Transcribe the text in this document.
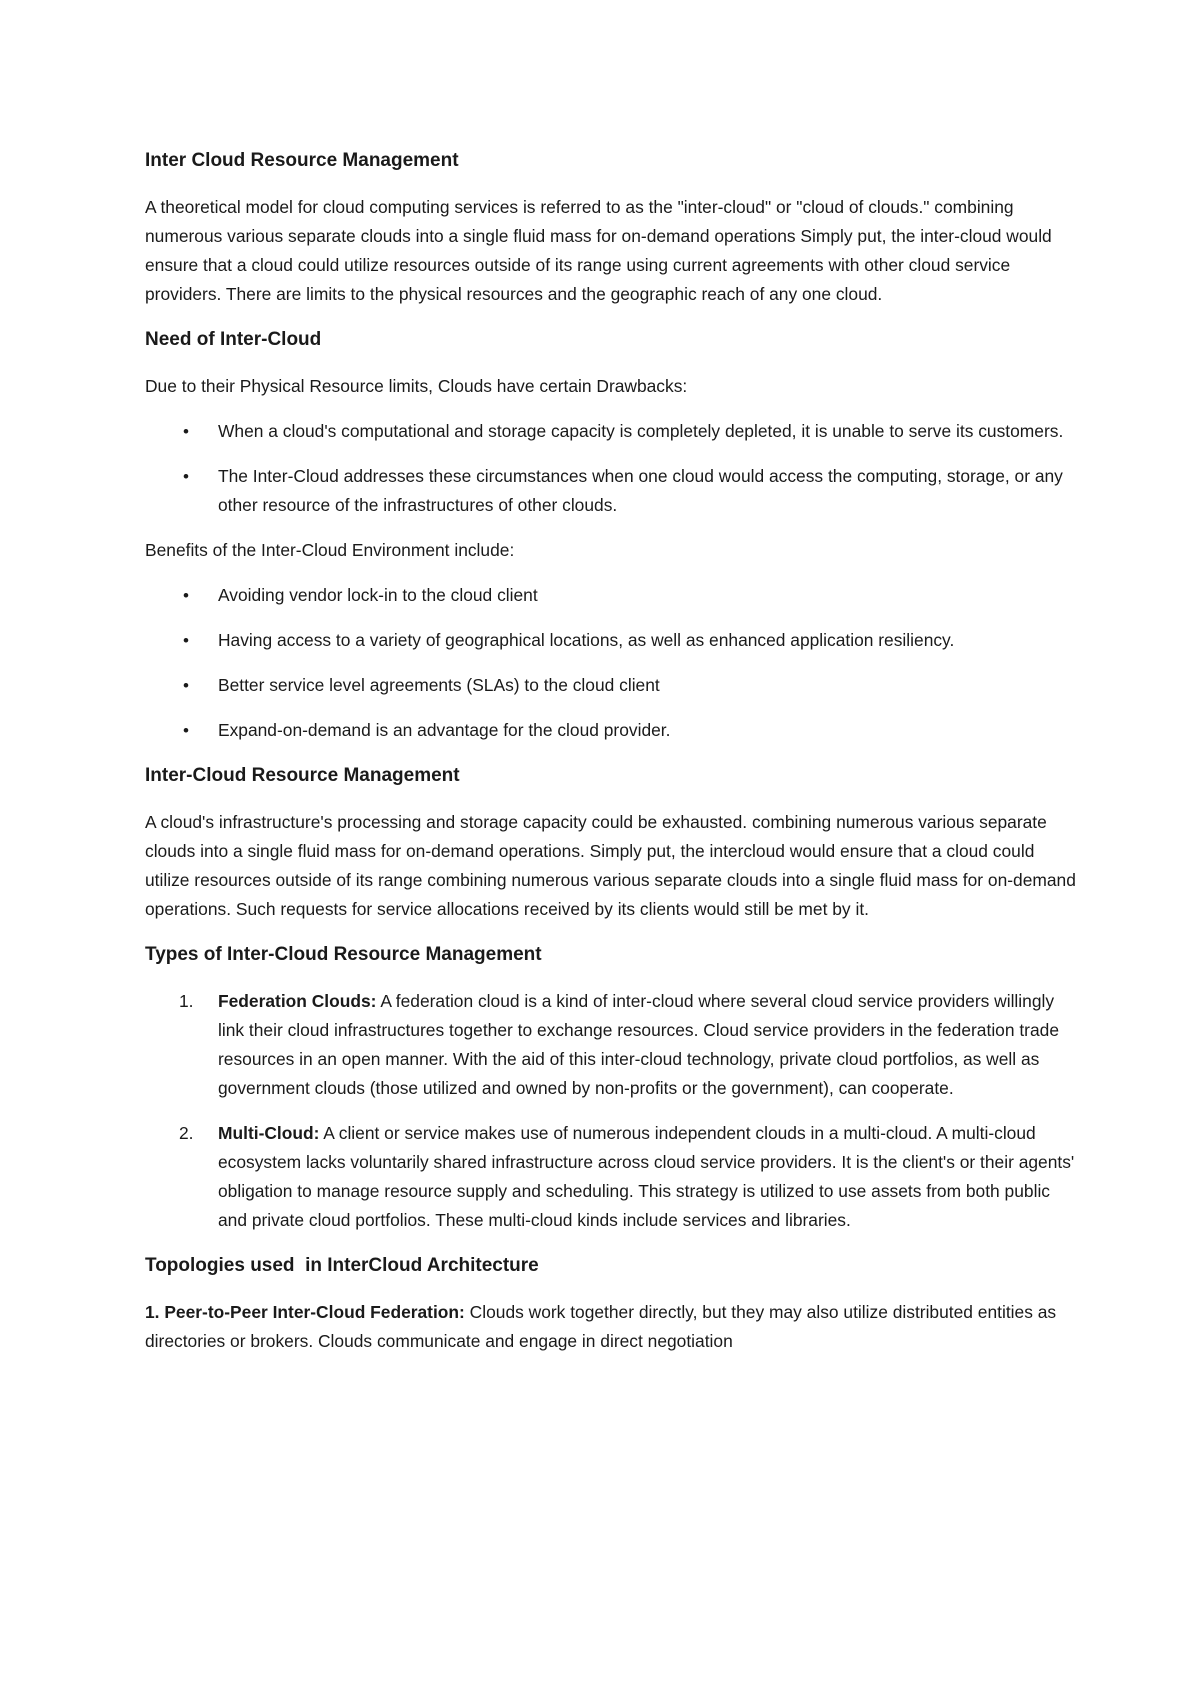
Inter Cloud Resource Management

A theoretical model for cloud computing services is referred to as the "inter-cloud" or "cloud of clouds." combining numerous various separate clouds into a single fluid mass for on-demand operations Simply put, the inter-cloud would ensure that a cloud could utilize resources outside of its range using current agreements with other cloud service providers. There are limits to the physical resources and the geographic reach of any one cloud.

Need of Inter-Cloud

Due to their Physical Resource limits, Clouds have certain Drawbacks:

• When a cloud's computational and storage capacity is completely depleted, it is unable to serve its customers.
• The Inter-Cloud addresses these circumstances when one cloud would access the computing, storage, or any other resource of the infrastructures of other clouds.

Benefits of the Inter-Cloud Environment include:

• Avoiding vendor lock-in to the cloud client
• Having access to a variety of geographical locations, as well as enhanced application resiliency.
• Better service level agreements (SLAs) to the cloud client
• Expand-on-demand is an advantage for the cloud provider.
Inter-Cloud Resource Management

A cloud's infrastructure's processing and storage capacity could be exhausted. combining numerous various separate clouds into a single fluid mass for on-demand operations. Simply put, the intercloud would ensure that a cloud could utilize resources outside of its range combining numerous various separate clouds into a single fluid mass for on-demand operations. Such requests for service allocations received by its clients would still be met by it.

Types of Inter-Cloud Resource Management
1. Federation Clouds: A federation cloud is a kind of inter-cloud where several cloud service providers willingly link their cloud infrastructures together to exchange resources. Cloud service providers in the federation trade resources in an open manner. With the aid of this inter-cloud technology, private cloud portfolios, as well as government clouds (those utilized and owned by non-profits or the government), can cooperate.
2. Multi-Cloud: A client or service makes use of numerous independent clouds in a multi-cloud. A multi-cloud ecosystem lacks voluntarily shared infrastructure across cloud service providers. It is the client's or their agents' obligation to manage resource supply and scheduling. This strategy is utilized to use assets from both public and private cloud portfolios. These multi-cloud kinds include services and libraries.
Topologies used  in InterCloud Architecture

1. Peer-to-Peer Inter-Cloud Federation: Clouds work together directly, but they may also utilize distributed entities as directories or brokers. Clouds communicate and engage in direct negotiation
